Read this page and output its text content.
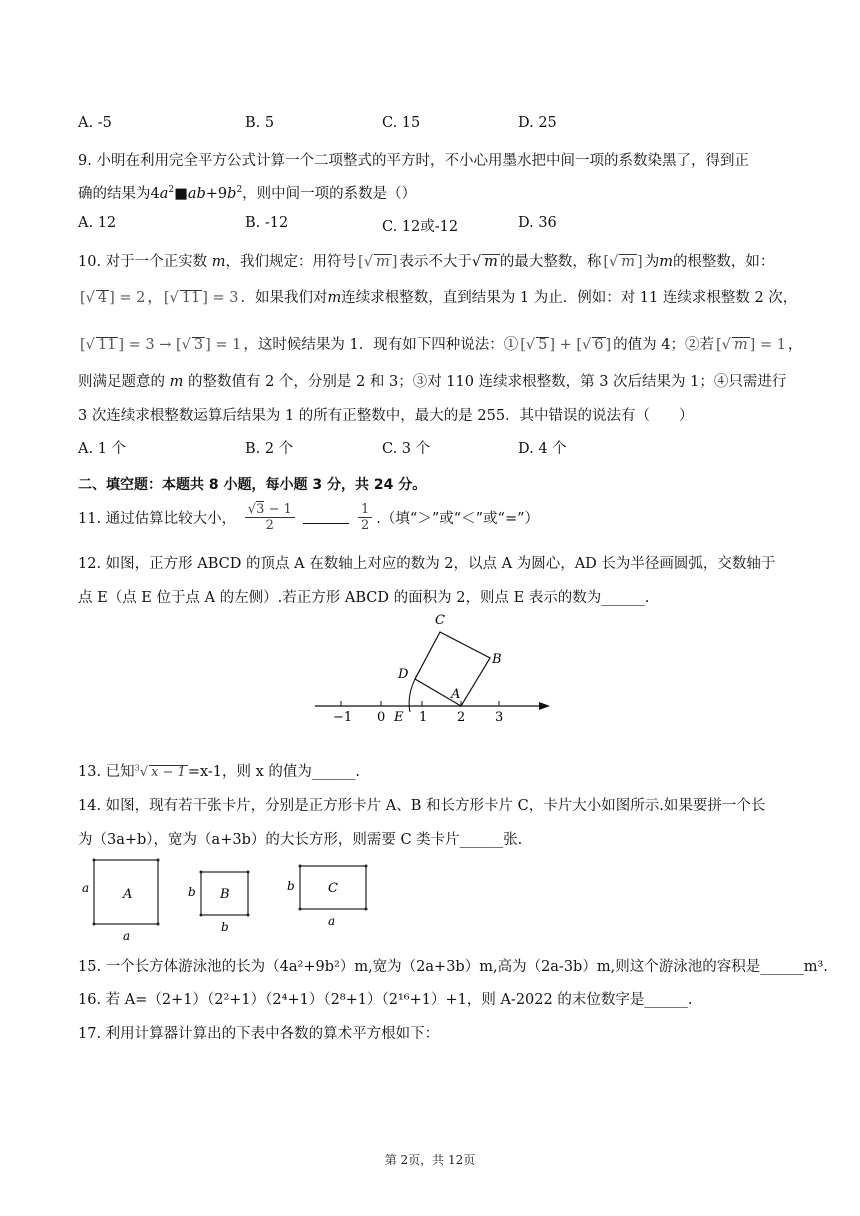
A. -5	B. 5	C. 15	D. 25
9. 小明在利用完全平方公式计算一个二项整式的平方时，不小心用墨水把中间一项的系数染黑了，得到正
确的结果为$4a^2■ab+9b^2$，则中间一项的系数是（）
A. 12	B. -12	C. 12或-12	D. 36
10. 对于一个正实数 m，我们规定：用符号 [√ m ] 表示不大于√ m 的最大整数，称 [√ m ] 为m的根整数，如：
[√ 4 ] = 2 ， [√ 11 ] = 3 ．如果我们对m连续求根整数，直到结果为 1 为止．例如：对 11 连续求根整数 2 次，
[√ 11 ] = 3 → [√ 3 ] = 1 ，这时候结果为 1．现有如下四种说法：① [√ 5 ] + [√ 6 ] 的值为 4；②若 [√ m ] = 1 ，
则满足题意的 m 的整数值有 2 个，分别是 2 和 3；③对 110 连续求根整数，第 3 次后结果为 1；④只需进行
3 次连续求根整数运算后结果为 1 的所有正整数中，最大的是 255．其中错误的说法有（　　）
A. 1 个	B. 2 个	C. 3 个	D. 4 个
二、填空题：本题共 8 小题，每小题 3 分，共 24 分。
11. 通过估算比较大小， $\frac{√3 - 1}{2}$
	$\frac{1}{2}$ .（填“＞”或“＜”或“=”）
12. 如图，正方形 ABCD 的顶点 A 在数轴上对应的数为 2，以点 A 为圆心，AD 长为半径画圆弧，交数轴于
点 E（点 E 位于点 A 的左侧）.若正方形 ABCD 的面积为 2，则点 E 表示的数为______.
−1 0	1 2 3
C
B
D
A
E
13. 已知$^3$√ x − 1 =x-1，则 x 的值为______.
14. 如图，现有若干张卡片，分别是正方形卡片 A、B 和长方形卡片 C，卡片大小如图所示.如果要拼一个长
为（3a+b），宽为（a+3b）的大长方形，则需要 C 类卡片______张.
A
a
a
B
b
b
C
b
a
15. 一个长方体游泳池的长为（4a²+9b²）m,宽为（2a+3b）m,高为（2a-3b）m,则这个游泳池的容积是______m³.
16. 若 A=（2+1）（2²+1）（2⁴+1）（2⁸+1）（2¹⁶+1）+1，则 A-2022 的末位数字是______.
17. 利用计算器计算出的下表中各数的算术平方根如下：
第 2页，共 12页
